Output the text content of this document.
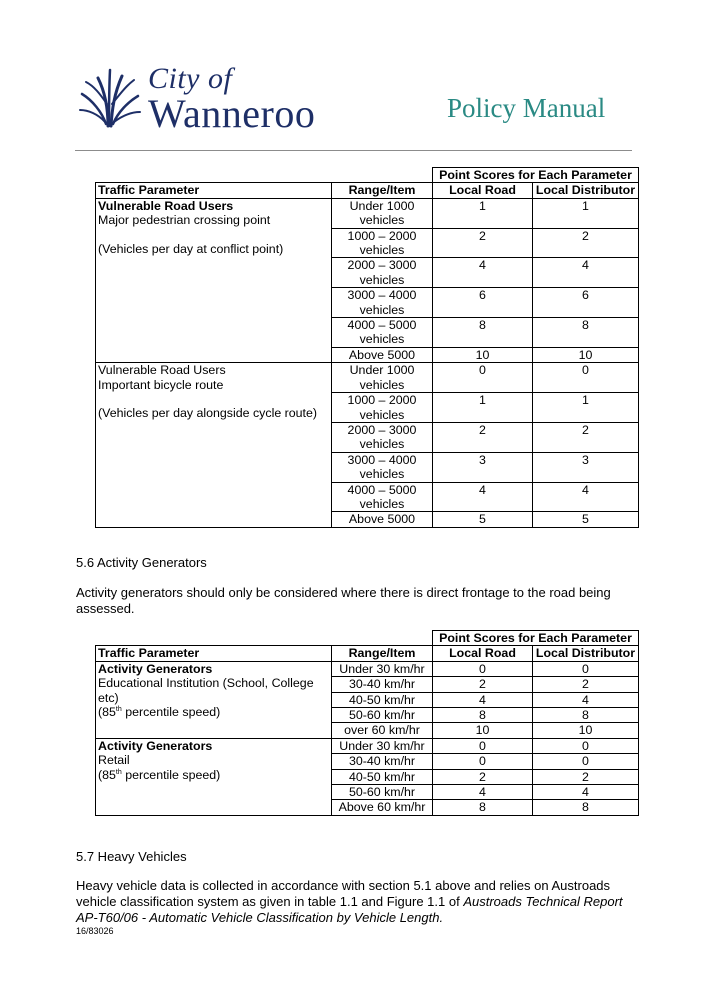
City of
Wanneroo	Policy Manual
		Point Scores for Each Parameter	
Traffic Parameter	Range/Item	Local Road	Local Distributor

Vulnerable Road Users
Major pedestrian crossing point
(Vehicles per day at conflict point)	Under 1000 vehicles	1	1
	1000 – 2000 vehicles	2	2
	2000 – 3000 vehicles	4	4
	3000 – 4000 vehicles	6	6
	4000 – 5000 vehicles	8	8
	Above 5000	10	10

Vulnerable Road Users
Important bicycle route
(Vehicles per day alongside cycle route)	Under 1000 vehicles	0	0
	1000 – 2000 vehicles	1	1
	2000 – 3000 vehicles	2	2
	3000 – 4000 vehicles	3	3
	4000 – 5000 vehicles	4	4
	Above 5000	5	5
5.6 Activity Generators
Activity generators should only be considered where there is direct frontage to the road being assessed.
		Point Scores for Each Parameter	
Traffic Parameter	Range/Item	Local Road	Local Distributor

Activity Generators
Educational Institution (School, College etc)
(85th percentile speed)	Under 30 km/hr	0	0
	30-40 km/hr	2	2
	40-50 km/hr	4	4
	50-60 km/hr	8	8
	over 60 km/hr	10	10

Activity Generators
Retail
(85th percentile speed)	Under 30 km/hr	0	0
	30-40 km/hr	0	0
	40-50 km/hr	2	2
	50-60 km/hr	4	4
	Above 60 km/hr	8	8
5.7 Heavy Vehicles
Heavy vehicle data is collected in accordance with section 5.1 above and relies on Austroads vehicle classification system as given in table 1.1 and Figure 1.1 of Austroads Technical Report AP-T60/06 - Automatic Vehicle Classification by Vehicle Length.
16/83026
